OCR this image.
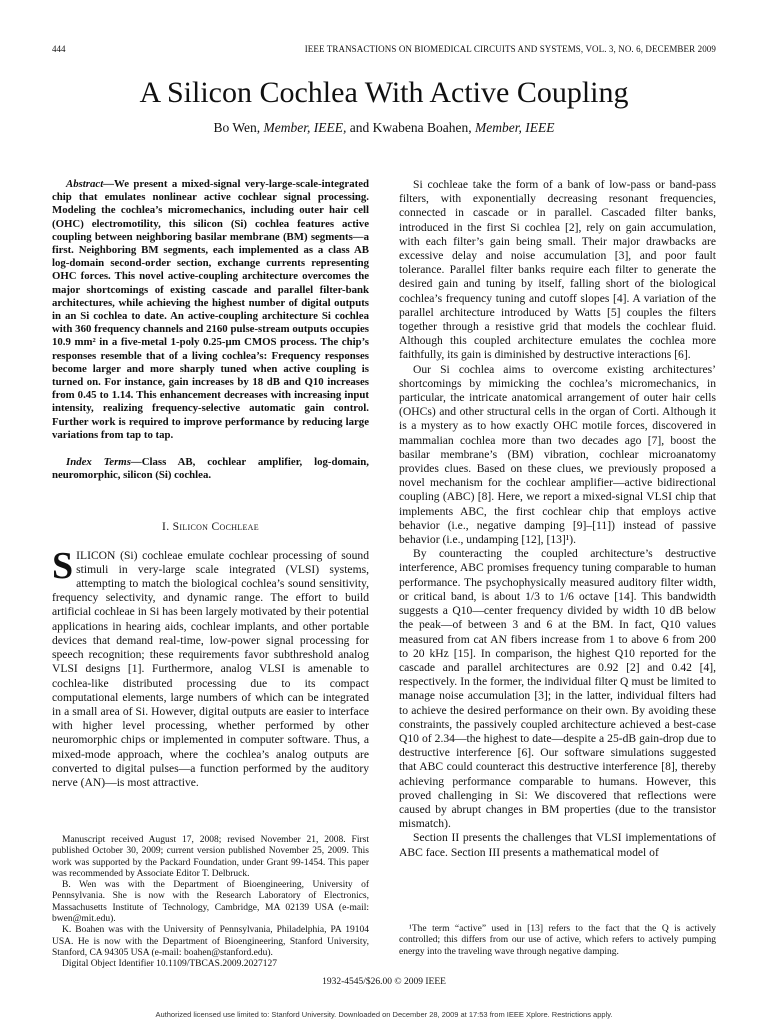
444	IEEE TRANSACTIONS ON BIOMEDICAL CIRCUITS AND SYSTEMS, VOL. 3, NO. 6, DECEMBER 2009
A Silicon Cochlea With Active Coupling
Bo Wen, Member, IEEE, and Kwabena Boahen, Member, IEEE

Abstract—We present a mixed-signal very-large-scale-integrated chip that emulates nonlinear active cochlear signal processing. Modeling the cochlea’s micromechanics, including outer hair cell (OHC) electromotility, this silicon (Si) cochlea features active coupling between neighboring basilar membrane (BM) segments—a first. Neighboring BM segments, each implemented as a class AB log-domain second-order section, exchange currents representing OHC forces. This novel active-coupling architecture overcomes the major shortcomings of existing cascade and parallel filter-bank architectures, while achieving the highest number of digital outputs in an Si cochlea to date. An active-coupling architecture Si cochlea with 360 frequency channels and 2160 pulse-stream outputs occupies 10.9 mm² in a five-metal 1-poly 0.25-μm CMOS process. The chip’s responses resemble that of a living cochlea’s: Frequency responses become larger and more sharply tuned when active coupling is turned on. For instance, gain increases by 18 dB and Q10 increases from 0.45 to 1.14. This enhancement decreases with increasing input intensity, realizing frequency-selective automatic gain control. Further work is required to improve performance by reducing large variations from tap to tap.

Index Terms—Class AB, cochlear amplifier, log-domain, neuromorphic, silicon (Si) cochlea.

I. Silicon Cochleae

SILICON (Si) cochleae emulate cochlear processing of sound stimuli in very-large scale integrated (VLSI) systems, attempting to match the biological cochlea’s sound sensitivity, frequency selectivity, and dynamic range. The effort to build artificial cochleae in Si has been largely motivated by their potential applications in hearing aids, cochlear implants, and other portable devices that demand real-time, low-power signal processing for speech recognition; these requirements favor subthreshold analog VLSI designs [1]. Furthermore, analog VLSI is amenable to cochlea-like distributed processing due to its compact computational elements, large numbers of which can be integrated in a small area of Si. However, digital outputs are easier to interface with higher level processing, whether performed by other neuromorphic chips or implemented in computer software. Thus, a mixed-mode approach, where the cochlea’s analog outputs are converted to digital pulses—a function performed by the auditory nerve (AN)—is most attractive.

Manuscript received August 17, 2008; revised November 21, 2008. First published October 30, 2009; current version published November 25, 2009. This work was supported by the Packard Foundation, under Grant 99-1454. This paper was recommended by Associate Editor T. Delbruck.

B. Wen was with the Department of Bioengineering, University of Pennsylvania. She is now with the Research Laboratory of Electronics, Massachusetts Institute of Technology, Cambridge, MA 02139 USA (e-mail: bwen@mit.edu).

K. Boahen was with the University of Pennsylvania, Philadelphia, PA 19104 USA. He is now with the Department of Bioengineering, Stanford University, Stanford, CA 94305 USA (e-mail: boahen@stanford.edu).

Digital Object Identifier 10.1109/TBCAS.2009.2027127

Si cochleae take the form of a bank of low-pass or band-pass filters, with exponentially decreasing resonant frequencies, connected in cascade or in parallel. Cascaded filter banks, introduced in the first Si cochlea [2], rely on gain accumulation, with each filter’s gain being small. Their major drawbacks are excessive delay and noise accumulation [3], and poor fault tolerance. Parallel filter banks require each filter to generate the desired gain and tuning by itself, falling short of the biological cochlea’s frequency tuning and cutoff slopes [4]. A variation of the parallel architecture introduced by Watts [5] couples the filters together through a resistive grid that models the cochlear fluid. Although this coupled architecture emulates the cochlea more faithfully, its gain is diminished by destructive interactions [6].

Our Si cochlea aims to overcome existing architectures’ shortcomings by mimicking the cochlea’s micromechanics, in particular, the intricate anatomical arrangement of outer hair cells (OHCs) and other structural cells in the organ of Corti. Although it is a mystery as to how exactly OHC motile forces, discovered in mammalian cochlea more than two decades ago [7], boost the basilar membrane’s (BM) vibration, cochlear microanatomy provides clues. Based on these clues, we previously proposed a novel mechanism for the cochlear amplifier—active bidirectional coupling (ABC) [8]. Here, we report a mixed-signal VLSI chip that implements ABC, the first cochlear chip that employs active behavior (i.e., negative damping [9]–[11]) instead of passive behavior (i.e., undamping [12], [13]¹).

By counteracting the coupled architecture’s destructive interference, ABC promises frequency tuning comparable to human performance. The psychophysically measured auditory filter width, or critical band, is about 1/3 to 1/6 octave [14]. This bandwidth suggests a Q10—center frequency divided by width 10 dB below the peak—of between 3 and 6 at the BM. In fact, Q10 values measured from cat AN fibers increase from 1 to above 6 from 200 to 20 kHz [15]. In comparison, the highest Q10 reported for the cascade and parallel architectures are 0.92 [2] and 0.42 [4], respectively. In the former, the individual filter Q must be limited to manage noise accumulation [3]; in the latter, individual filters had to achieve the desired performance on their own. By avoiding these constraints, the passively coupled architecture achieved a best-case Q10 of 2.34—the highest to date—despite a 25-dB gain-drop due to destructive interference [6]. Our software simulations suggested that ABC could counteract this destructive interference [8], thereby achieving performance comparable to humans. However, this proved challenging in Si: We discovered that reflections were caused by abrupt changes in BM properties (due to the transistor mismatch).

Section II presents the challenges that VLSI implementations of ABC face. Section III presents a mathematical model of

¹The term “active” used in [13] refers to the fact that the Q is actively controlled; this differs from our use of active, which refers to actively pumping energy into the traveling wave through negative damping.
1932-4545/$26.00 © 2009 IEEE
Authorized licensed use limited to: Stanford University. Downloaded on December 28, 2009 at 17:53 from IEEE Xplore. Restrictions apply.
